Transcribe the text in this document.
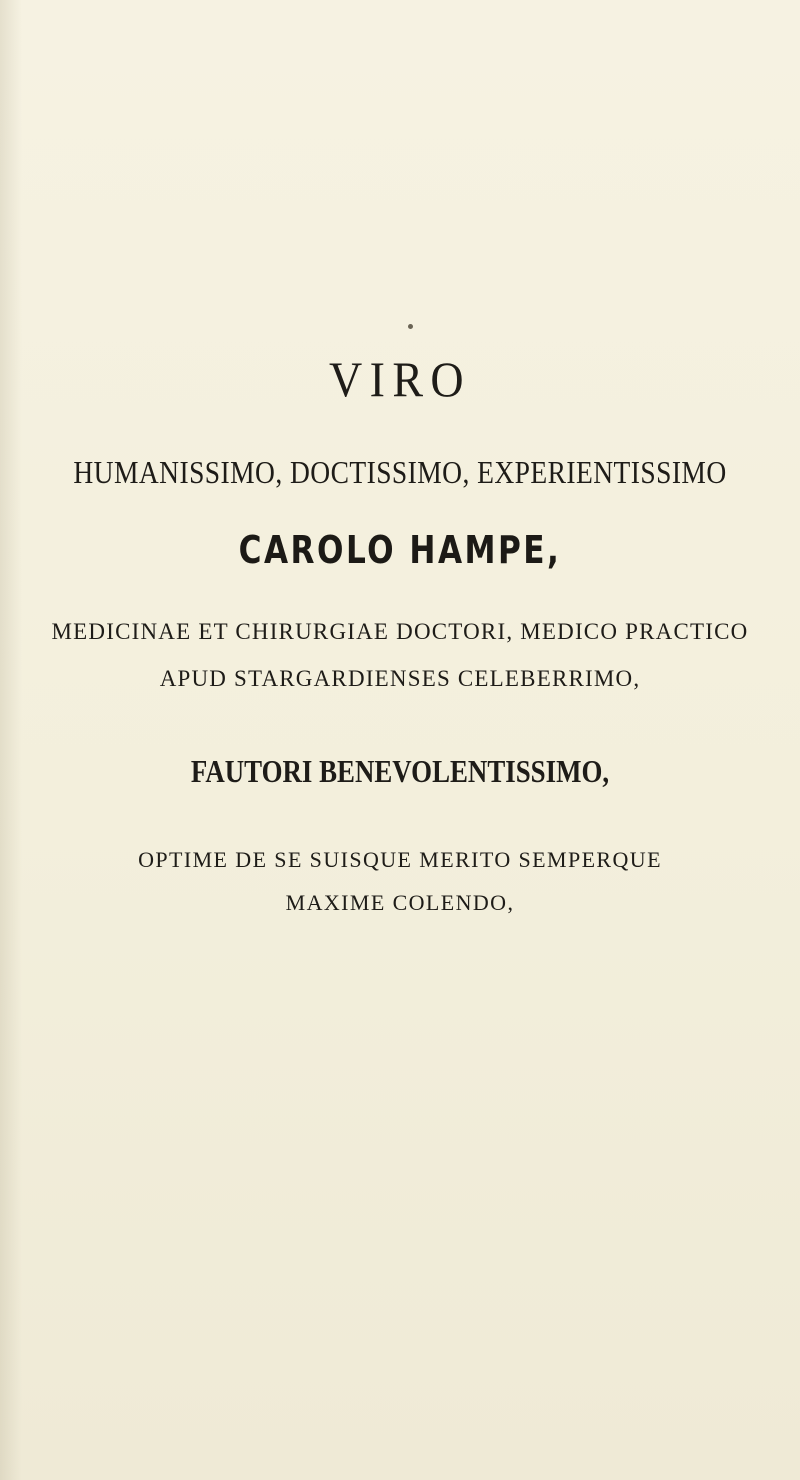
VIRO
HUMANISSIMO, DOCTISSIMO, EXPERIENTISSIMO
CAROLO HAMPE,
MEDICINAE ET CHIRURGIAE DOCTORI, MEDICO PRACTICO
APUD STARGARDIENSES CELEBERRIMO,
FAUTORI BENEVOLENTISSIMO,
OPTIME DE SE SUISQUE MERITO SEMPERQUE
MAXIME COLENDO,
